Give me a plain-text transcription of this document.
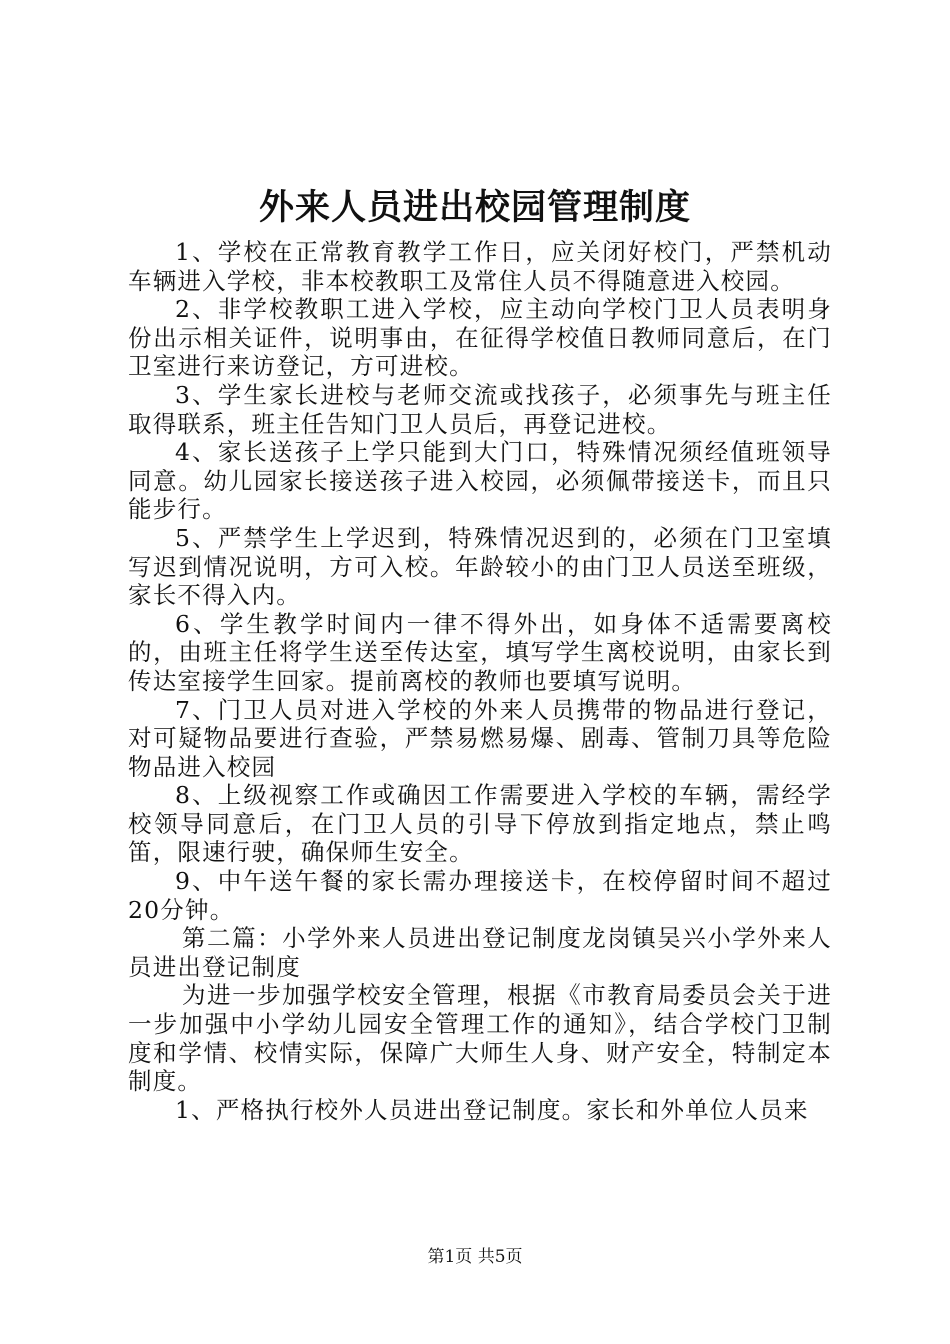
外来人员进出校园管理制度

1、学校在正常教育教学工作日，应关闭好校门，严禁机动车辆进入学校，非本校教职工及常住人员不得随意进入校园。

2、非学校教职工进入学校，应主动向学校门卫人员表明身份出示相关证件，说明事由，在征得学校值日教师同意后，在门卫室进行来访登记，方可进校。

3、学生家长进校与老师交流或找孩子，必须事先与班主任取得联系，班主任告知门卫人员后，再登记进校。

4、家长送孩子上学只能到大门口，特殊情况须经值班领导同意。幼儿园家长接送孩子进入校园，必须佩带接送卡，而且只能步行。

5、严禁学生上学迟到，特殊情况迟到的，必须在门卫室填写迟到情况说明，方可入校。年龄较小的由门卫人员送至班级，家长不得入内。

6、学生教学时间内一律不得外出，如身体不适需要离校的，由班主任将学生送至传达室，填写学生离校说明，由家长到传达室接学生回家。提前离校的教师也要填写说明。

7、门卫人员对进入学校的外来人员携带的物品进行登记，对可疑物品要进行查验，严禁易燃易爆、剧毒、管制刀具等危险物品进入校园

8、上级视察工作或确因工作需要进入学校的车辆，需经学校领导同意后，在门卫人员的引导下停放到指定地点，禁止鸣笛，限速行驶，确保师生安全。

9、中午送午餐的家长需办理接送卡，在校停留时间不超过20分钟。

第二篇：小学外来人员进出登记制度龙岗镇吴兴小学外来人员进出登记制度

为进一步加强学校安全管理，根据《市教育局委员会关于进一步加强中小学幼儿园安全管理工作的通知》，结合学校门卫制度和学情、校情实际，保障广大师生人身、财产安全，特制定本制度。

1、严格执行校外人员进出登记制度。家长和外单位人员来

第1页 共5页
